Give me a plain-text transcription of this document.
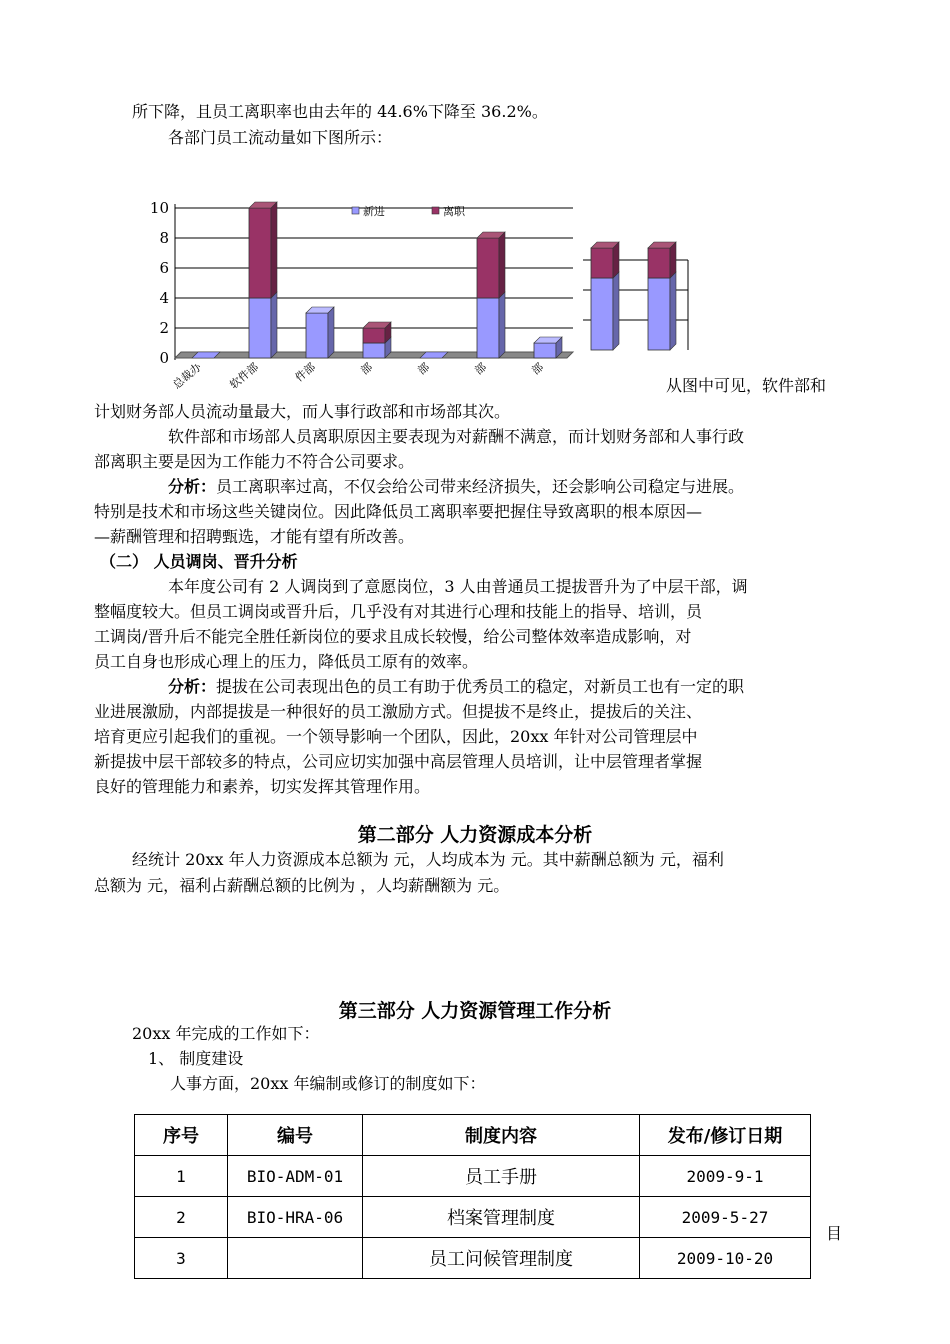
所下降，且员工离职率也由去年的 44.6%下降至 36.2%。
各部门员工流动量如下图所示：
0
2
4
6
8
10
总裁办 软件部	件部	部	部	部	部
新进	离职
从图中可见，软件部和
计划财务部人员流动量最大，而人事行政部和市场部其次。
软件部和市场部人员离职原因主要表现为对薪酬不满意，而计划财务部和人事行政
部离职主要是因为工作能力不符合公司要求。
分析：员工离职率过高，不仅会给公司带来经济损失，还会影响公司稳定与进展。
特别是技术和市场这些关键岗位。因此降低员工离职率要把握住导致离职的根本原因—
—薪酬管理和招聘甄选，才能有望有所改善。
（二） 人员调岗、晋升分析
本年度公司有 2 人调岗到了意愿岗位，3 人由普通员工提拔晋升为了中层干部，调
整幅度较大。但员工调岗或晋升后，几乎没有对其进行心理和技能上的指导、培训，员
工调岗/晋升后不能完全胜任新岗位的要求且成长较慢，给公司整体效率造成影响，对
员工自身也形成心理上的压力，降低员工原有的效率。
分析：提拔在公司表现出色的员工有助于优秀员工的稳定，对新员工也有一定的职
业进展激励，内部提拔是一种很好的员工激励方式。但提拔不是终止，提拔后的关注、
培育更应引起我们的重视。一个领导影响一个团队，因此，20xx 年针对公司管理层中
新提拔中层干部较多的特点，公司应切实加强中高层管理人员培训，让中层管理者掌握
良好的管理能力和素养，切实发挥其管理作用。
第二部分 人力资源成本分析
经统计 20xx 年人力资源成本总额为 元，人均成本为 元。其中薪酬总额为 元，福利
总额为 元，福利占薪酬总额的比例为 ，人均薪酬额为 元。
第三部分 人力资源管理工作分析
20xx 年完成的工作如下：
1、 制度建设
人事方面，20xx 年编制或修订的制度如下：
目
序号	编号	制度内容	发布/修订日期
1	BIO-ADM-01	员工手册	2009-9-1
2	BIO-HRA-06	档案管理制度	2009-5-27
3		员工问候管理制度	2009-10-20
